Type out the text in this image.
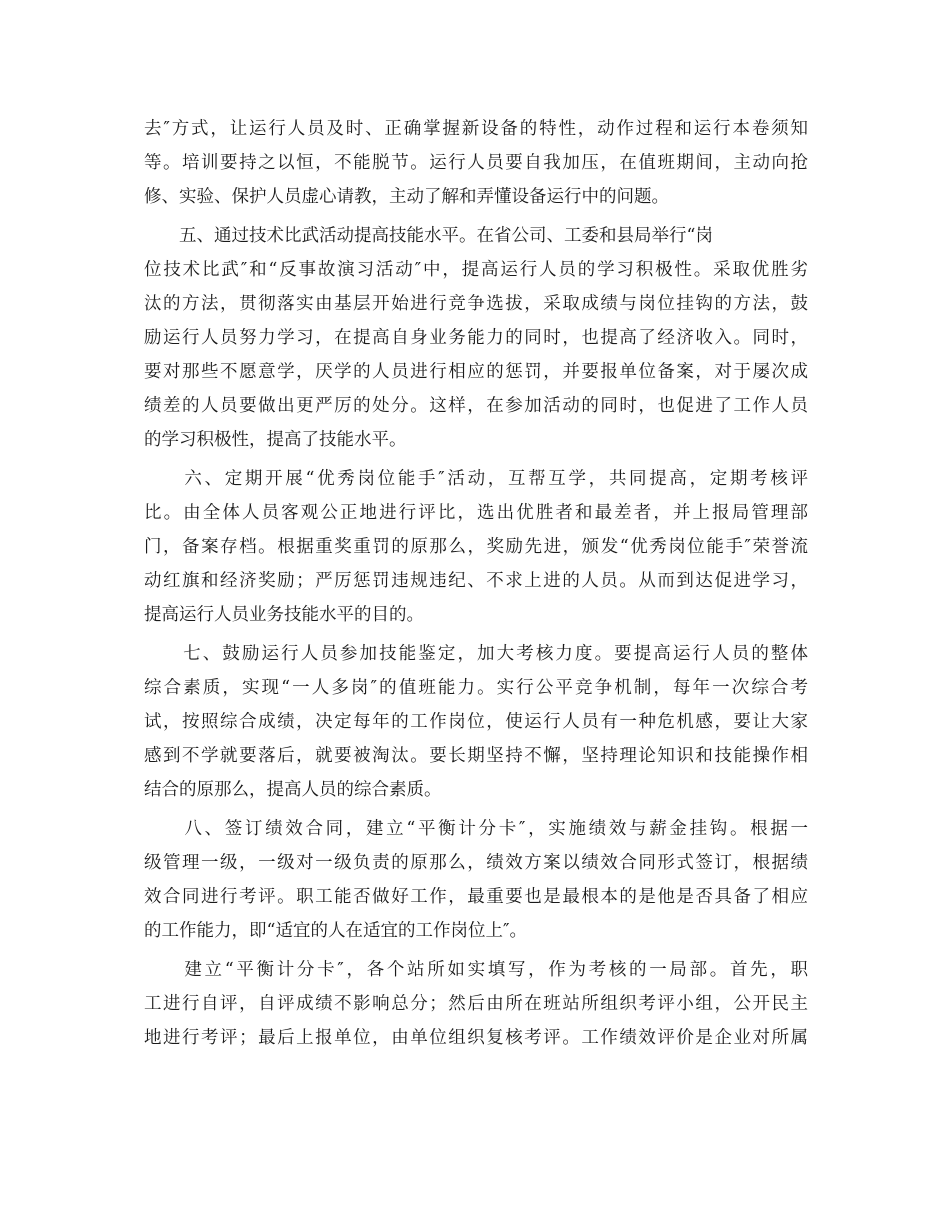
去″方式，让运行人员及时、正确掌握新设备的特性，动作过程和运行本卷须知
等。培训要持之以恒，不能脱节。运行人员要自我加压，在值班期间，主动向抢
修、实验、保护人员虚心请教，主动了解和弄懂设备运行中的问题。
　　五、通过技术比武活动提高技能水平。在省公司、工委和县局举行“岗
位技术比武″和“反事故演习活动″中，提高运行人员的学习积极性。采取优胜劣
汰的方法，贯彻落实由基层开始进行竞争选拔，采取成绩与岗位挂钩的方法，鼓
励运行人员努力学习，在提高自身业务能力的同时，也提高了经济收入。同时，
要对那些不愿意学，厌学的人员进行相应的惩罚，并要报单位备案，对于屡次成
绩差的人员要做出更严厉的处分。这样，在参加活动的同时，也促进了工作人员
的学习积极性，提高了技能水平。
　　六、定期开展“优秀岗位能手″活动，互帮互学，共同提高，定期考核评
比。由全体人员客观公正地进行评比，选出优胜者和最差者，并上报局管理部
门，备案存档。根据重奖重罚的原那么，奖励先进，颁发“优秀岗位能手″荣誉流
动红旗和经济奖励；严厉惩罚违规违纪、不求上进的人员。从而到达促进学习，
提高运行人员业务技能水平的目的。
　　七、鼓励运行人员参加技能鉴定，加大考核力度。要提高运行人员的整体
综合素质，实现“一人多岗″的值班能力。实行公平竞争机制，每年一次综合考
试，按照综合成绩，决定每年的工作岗位，使运行人员有一种危机感，要让大家
感到不学就要落后，就要被淘汰。要长期坚持不懈，坚持理论知识和技能操作相
结合的原那么，提高人员的综合素质。
　　八、签订绩效合同，建立“平衡计分卡″，实施绩效与薪金挂钩。根据一
级管理一级，一级对一级负责的原那么，绩效方案以绩效合同形式签订，根据绩
效合同进行考评。职工能否做好工作，最重要也是最根本的是他是否具备了相应
的工作能力，即“适宜的人在适宜的工作岗位上″。
　　建立“平衡计分卡″，各个站所如实填写，作为考核的一局部。首先，职
工进行自评，自评成绩不影响总分；然后由所在班站所组织考评小组，公开民主
地进行考评；最后上报单位，由单位组织复核考评。工作绩效评价是企业对所属
